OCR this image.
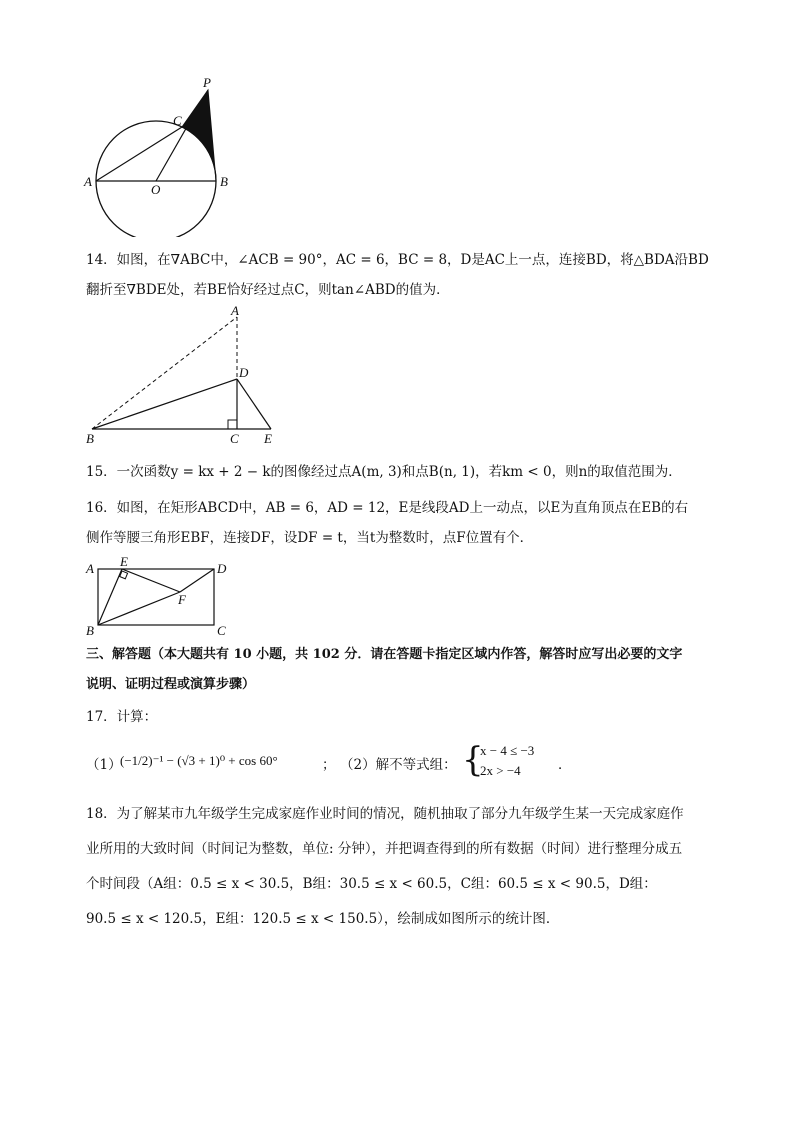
P
C
A
O
B
14．如图，在∇ABC中，∠ACB = 90°，AC = 6，BC = 8，D是AC上一点，连接BD，将△BDA沿BD
翻折至∇BDE处，若BE恰好经过点C，则tan∠ABD的值为．
A
D
B	C E
15．一次函数y = kx + 2 − k的图像经过点A(m, 3)和点B(n, 1)，若km < 0，则n的取值范围为．
16．如图，在矩形ABCD中，AB = 6，AD = 12，E是线段AD上一动点，以E为直角顶点在EB的右
侧作等腰三角形EBF，连接DF，设DF = t，当t为整数时，点F位置有个．
A E	D
F
B	C
三、解答题（本大题共有 10 小题，共 102 分．请在答题卡指定区域内作答，解答时应写出必要的文字
说明、证明过程或演算步骤）
17．计算：
（1）
(−1/2)⁻¹ − (√3 + 1)⁰ + cos 60°	； （2）解不等式组： {
x − 4 ≤ −3
2x > −4	．
18．为了解某市九年级学生完成家庭作业时间的情况，随机抽取了部分九年级学生某一天完成家庭作
业所用的大致时间（时间记为整数，单位: 分钟），并把调查得到的所有数据（时间）进行整理分成五
个时间段（A组：0.5 ≤ x < 30.5，B组：30.5 ≤ x < 60.5，C组：60.5 ≤ x < 90.5，D组：
90.5 ≤ x < 120.5，E组：120.5 ≤ x < 150.5），绘制成如图所示的统计图．
